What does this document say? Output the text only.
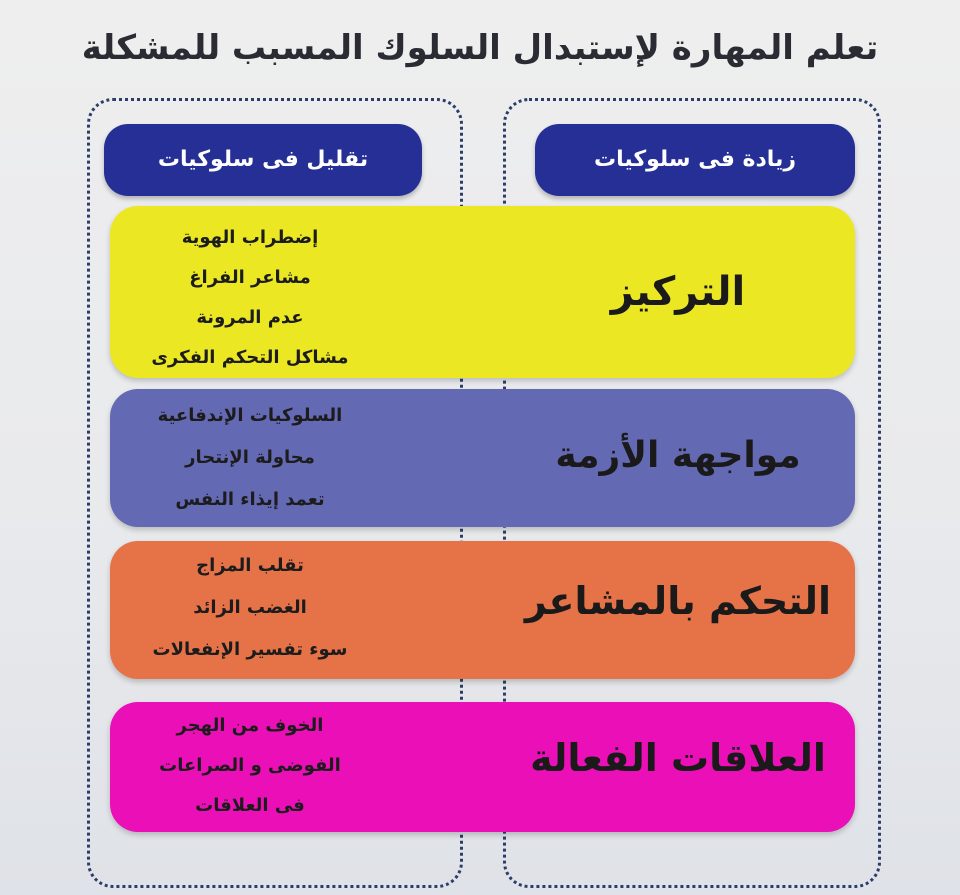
تعلم المهارة لإستبدال السلوك المسبب للمشكلة
تقليل فى سلوكيات	زيادة فى سلوكيات
التركيز
إضطراب الهوية
مشاعر الفراغ
عدم المرونة
مشاكل التحكم الفكرى
مواجهة الأزمة
السلوكيات الإندفاعية
محاولة الإنتحار
تعمد إيذاء النفس
التحكم بالمشاعر
تقلب المزاج
الغضب الزائد
سوء تفسير الإنفعالات
العلاقات الفعالة
الخوف من الهجر
الفوضى و الصراعات
فى العلاقات
